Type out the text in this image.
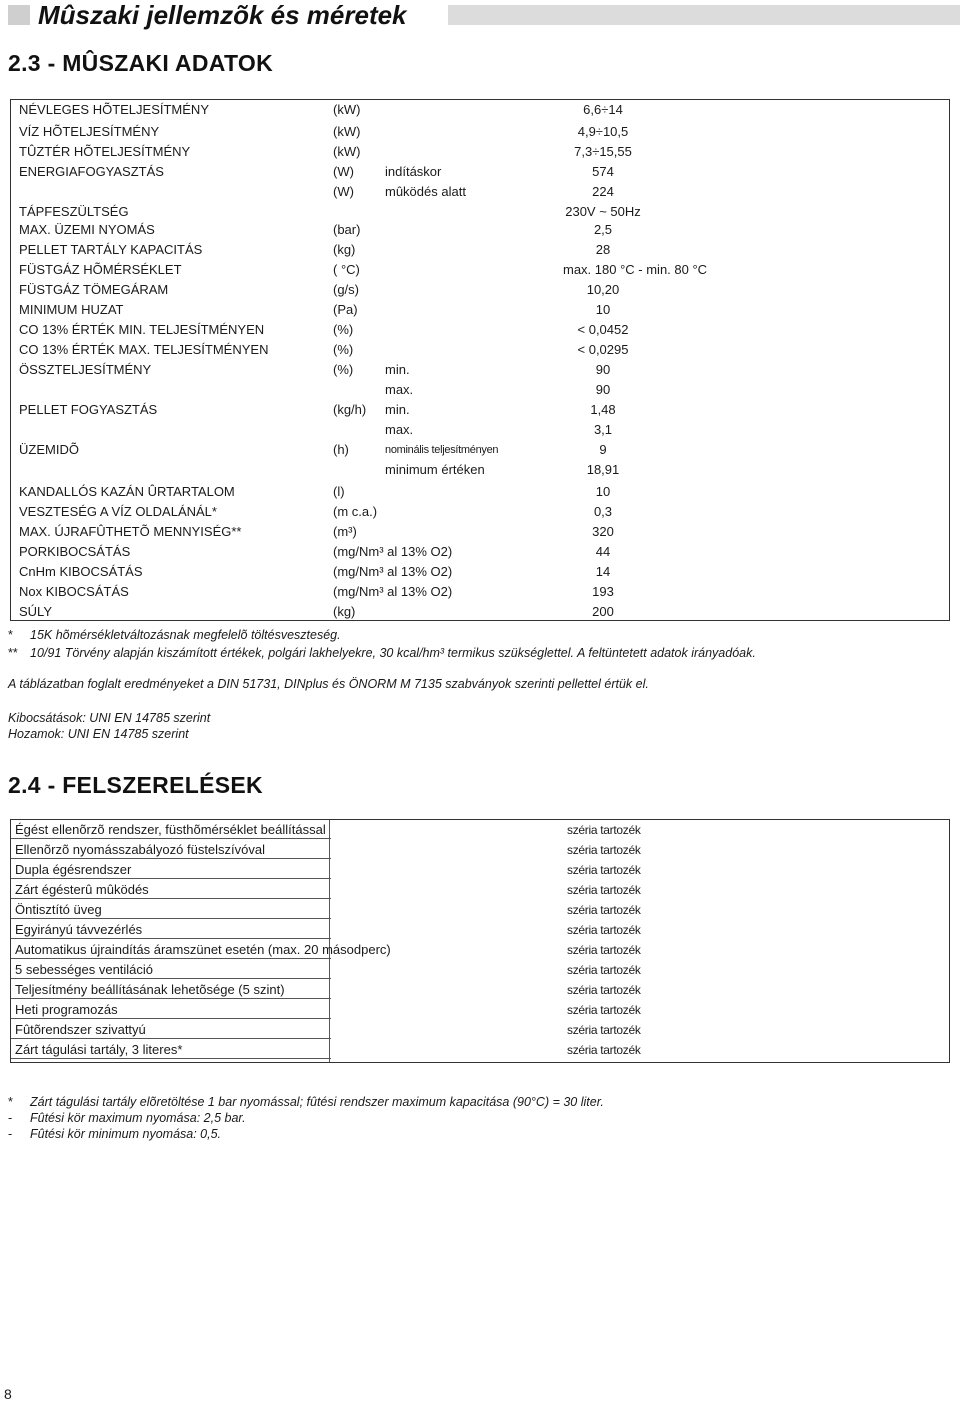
Mûszaki jellemzõk és méretek
2.3 - MÛSZAKI ADATOK
NÉVLEGES HÕTELJESÍTMÉNY	(kW)	6,6÷14
VÍZ HÕTELJESÍTMÉNY	(kW)	4,9÷10,5
TÛZTÉR HÕTELJESÍTMÉNY	(kW)	7,3÷15,55
ENERGIAFOGYASZTÁS	(W) indításkor	574
(W) mûködés alatt	224
TÁPFESZÜLTSÉG	230V ~ 50Hz
MAX. ÜZEMI NYOMÁS	(bar)	2,5
PELLET TARTÁLY KAPACITÁS	(kg)	28
FÜSTGÁZ HÕMÉRSÉKLET	( °C)	max. 180 °C - min. 80 °C
FÜSTGÁZ TÖMEGÁRAM	(g/s)	10,20
MINIMUM HUZAT	(Pa)	10
CO 13% ÉRTÉK MIN. TELJESÍTMÉNYEN	(%)	< 0,0452
CO 13% ÉRTÉK MAX. TELJESÍTMÉNYEN	(%)	< 0,0295
ÖSSZTELJESÍTMÉNY	(%) min.	90
max.	90
PELLET FOGYASZTÁS	(kg/h) min.	1,48
max.	3,1
ÜZEMIDÕ	(h)	nominális teljesítményen	9
minimum értéken	18,91
KANDALLÓS KAZÁN ÛRTARTALOM	(l)	10
VESZTESÉG A VÍZ OLDALÁNÁL*	(m c.a.)	0,3
MAX. ÚJRAFÛTHETÕ MENNYISÉG**	(m³)	320
PORKIBOCSÁTÁS	(mg/Nm³ al 13% O2)	44
CnHm KIBOCSÁTÁS	(mg/Nm³ al 13% O2)	14
Nox KIBOCSÁTÁS	(mg/Nm³ al 13% O2)	193
SÚLY	(kg)	200
* 15K hõmérsékletváltozásnak megfelelõ töltésveszteség.
** 10/91 Törvény alapján kiszámított értékek, polgári lakhelyekre, 30 kcal/hm³ termikus szükséglettel. A feltüntetett adatok irányadóak.
A táblázatban foglalt eredményeket a DIN 51731, DINplus és ÖNORM M 7135 szabványok szerinti pellettel értük el.
Kibocsátások: UNI EN 14785 szerint
Hozamok: UNI EN 14785 szerint
2.4 - FELSZERELÉSEK
Égést ellenõrzõ rendszer, füsthõmérséklet beállítással	széria tartozék
Ellenõrzõ nyomásszabályozó füstelszívóval	széria tartozék
Dupla égésrendszer	széria tartozék
Zárt égésterû mûködés	széria tartozék
Öntisztító üveg	széria tartozék
Egyirányú távvezérlés	széria tartozék
Automatikus újraindítás áramszünet esetén (max. 20 másodperc)	széria tartozék
5 sebességes ventiláció	széria tartozék
Teljesítmény beállításának lehetõsége (5 szint)	széria tartozék
Heti programozás	széria tartozék
Fûtõrendszer szivattyú	széria tartozék
Zárt tágulási tartály, 3 literes*	széria tartozék
* Zárt tágulási tartály elõretöltése 1 bar nyomással; fûtési rendszer maximum kapacitása (90°C) = 30 liter.
- Fûtési kör maximum nyomása: 2,5 bar.
- Fûtési kör minimum nyomása: 0,5.
8
